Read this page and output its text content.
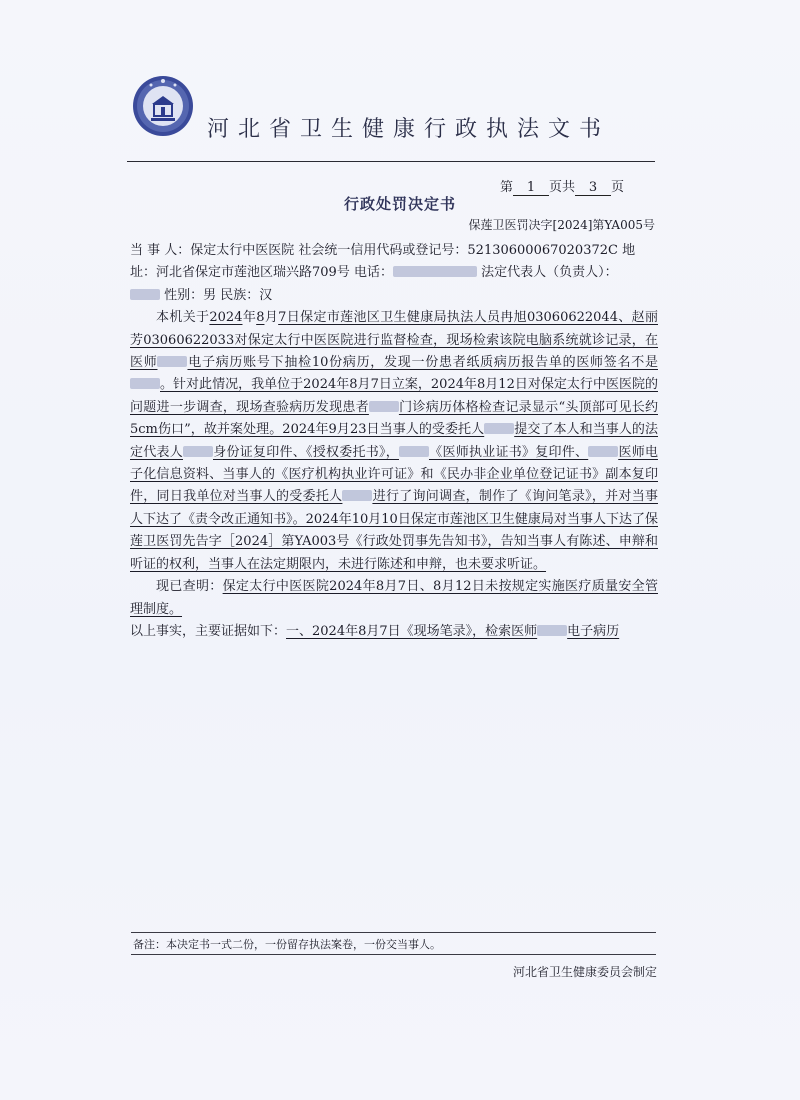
河北省卫生健康行政执法文书
第 1 页共 3 页
行政处罚决定书
保莲卫医罚决字[2024]第YA005号

当 事 人：保定太行中医医院 社会统一信用代码或登记号：52130600067020372C 地

址：河北省保定市莲池区瑞兴路709号 电话：	法定代表人（负责人）：

性别：男 民族：汉

本机关于2024年8月7日保定市莲池区卫生健康局执法人员冉旭03060622044、赵丽芳03060622033对保定太行中医医院进行监督检查，现场检索该院电脑系统就诊记录，在医师 电子病历账号下抽检10份病历，发现一份患者纸质病历报告单的医师签名不是。针对此情况，我单位于2024年8月7日立案，2024年8月12日对保定太行中医医院的问题进一步调查，现场查验病历发现患者 门诊病历体格检查记录显示“头顶部可见长约5cm伤口”，故并案处理。2024年9月23日当事人的受委托人 提交了本人和当事人的法定代表人 身份证复印件、《授权委托书》， 《医师执业证书》复印件、 医师电子化信息资料、当事人的《医疗机构执业许可证》和《民办非企业单位登记证书》副本复印件，同日我单位对当事人的受委托人 进行了询问调查，制作了《询问笔录》，并对当事人下达了《责令改正通知书》。2024年10月10日保定市莲池区卫生健康局对当事人下达了保莲卫医罚先告字［2024］第YA003号《行政处罚事先告知书》，告知当事人有陈述、申辩和听证的权利，当事人在法定期限内，未进行陈述和申辩，也未要求听证。

现已查明：保定太行中医医院2024年8月7日、8月12日未按规定实施医疗质量安全管理制度。

以上事实，主要证据如下：一、2024年8月7日《现场笔录》，检索医师 电子病历

备注：本决定书一式二份，一份留存执法案卷，一份交当事人。
河北省卫生健康委员会制定
